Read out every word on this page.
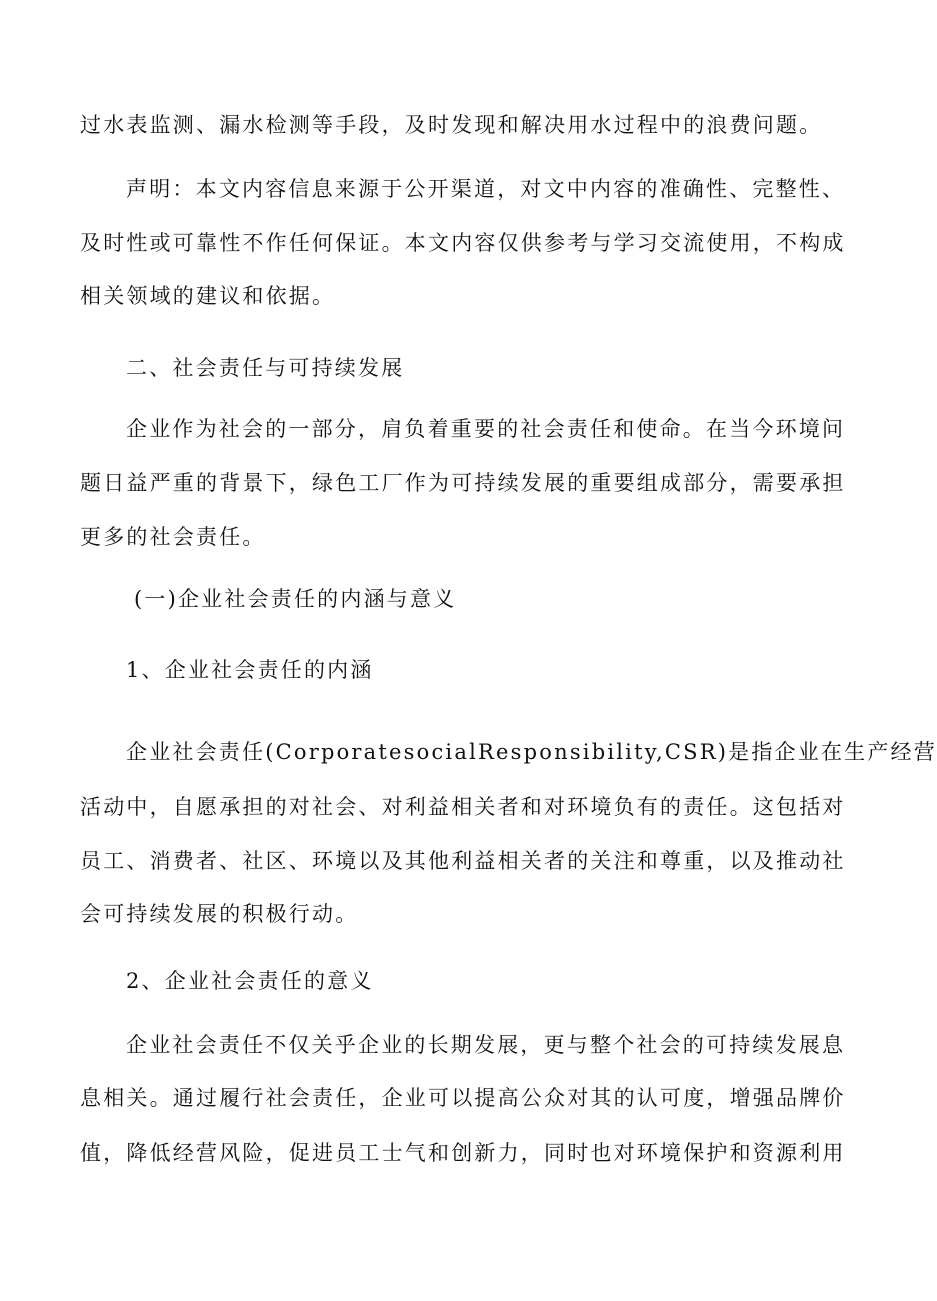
过水表监测、漏水检测等手段，及时发现和解决用水过程中的浪费问题。
声明：本文内容信息来源于公开渠道，对文中内容的准确性、完整性、
及时性或可靠性不作任何保证。本文内容仅供参考与学习交流使用，不构成
相关领域的建议和依据。
二、社会责任与可持续发展
企业作为社会的一部分，肩负着重要的社会责任和使命。在当今环境问
题日益严重的背景下，绿色工厂作为可持续发展的重要组成部分，需要承担
更多的社会责任。
(一)企业社会责任的内涵与意义
1、企业社会责任的内涵
企业社会责任(CorporatesocialResponsibility,CSR)是指企业在生产经营
活动中，自愿承担的对社会、对利益相关者和对环境负有的责任。这包括对
员工、消费者、社区、环境以及其他利益相关者的关注和尊重，以及推动社
会可持续发展的积极行动。
2、企业社会责任的意义
企业社会责任不仅关乎企业的长期发展，更与整个社会的可持续发展息
息相关。通过履行社会责任，企业可以提高公众对其的认可度，增强品牌价
值，降低经营风险，促进员工士气和创新力，同时也对环境保护和资源利用
